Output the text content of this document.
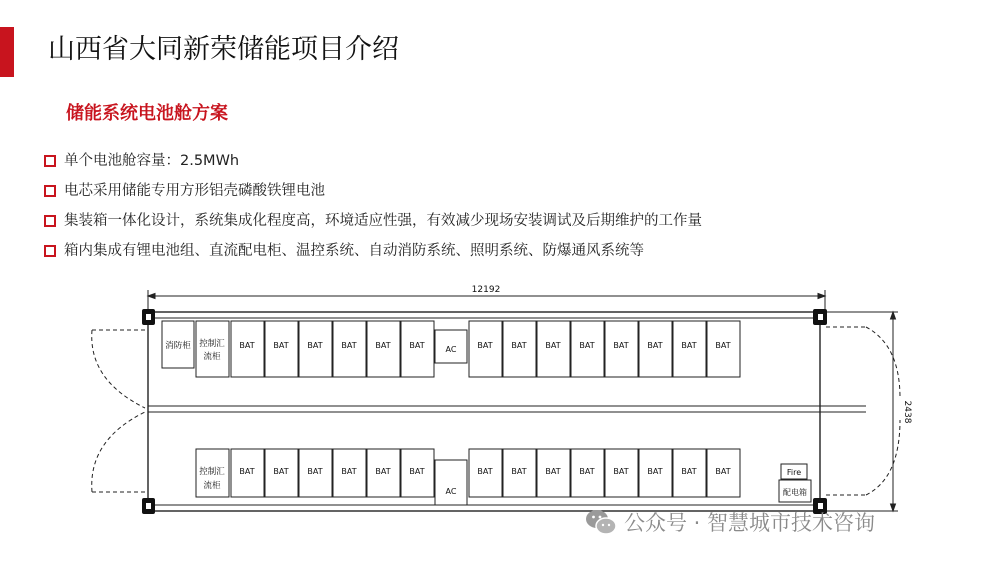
山西省大同新荣储能项目介绍
储能系统电池舱方案
单个电池舱容量：2.5MWh
电芯采用储能专用方形铝壳磷酸铁锂电池
集装箱一体化设计，系统集成化程度高，环境适应性强，有效减少现场安装调试及后期维护的工作量
箱内集成有锂电池组、直流配电柜、温控系统、自动消防系统、照明系统、防爆通风系统等
12192
2438
消防柜 控制汇
流柜
BAT BAT BAT BAT BAT BAT	BAT BAT BAT BAT BAT BAT BAT BAT
AC
控制汇
流柜
BAT BAT BAT BAT BAT BAT	BAT BAT BAT BAT BAT BAT BAT BAT
AC
Fire
配电箱
公众号 · 智慧城市技术咨询
